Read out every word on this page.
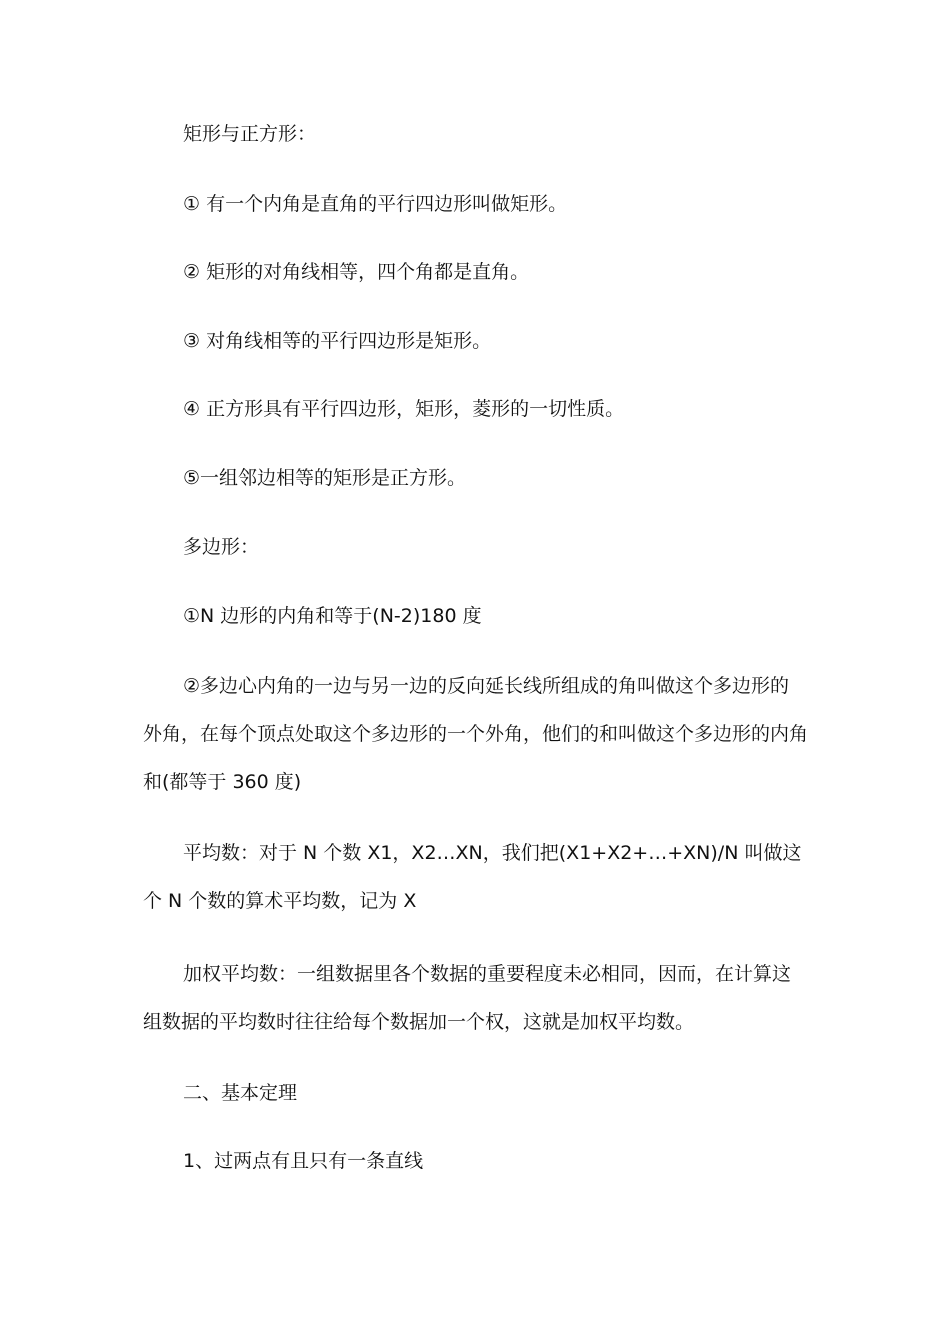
矩形与正方形：

① 有一个内角是直角的平行四边形叫做矩形。

② 矩形的对角线相等，四个角都是直角。

③ 对角线相等的平行四边形是矩形。

④ 正方形具有平行四边形，矩形，菱形的一切性质。

⑤一组邻边相等的矩形是正方形。

多边形：

①N 边形的内角和等于(N-2)180 度

②多边心内角的一边与另一边的反向延长线所组成的角叫做这个多边形的外角，在每个顶点处取这个多边形的一个外角，他们的和叫做这个多边形的内角和(都等于 360 度)

平均数：对于 N 个数 X1，X2…XN，我们把(X1+X2+…+XN)/N 叫做这个 N 个数的算术平均数，记为 X

加权平均数：一组数据里各个数据的重要程度未必相同，因而，在计算这组数据的平均数时往往给每个数据加一个权，这就是加权平均数。

二、基本定理

1、过两点有且只有一条直线
